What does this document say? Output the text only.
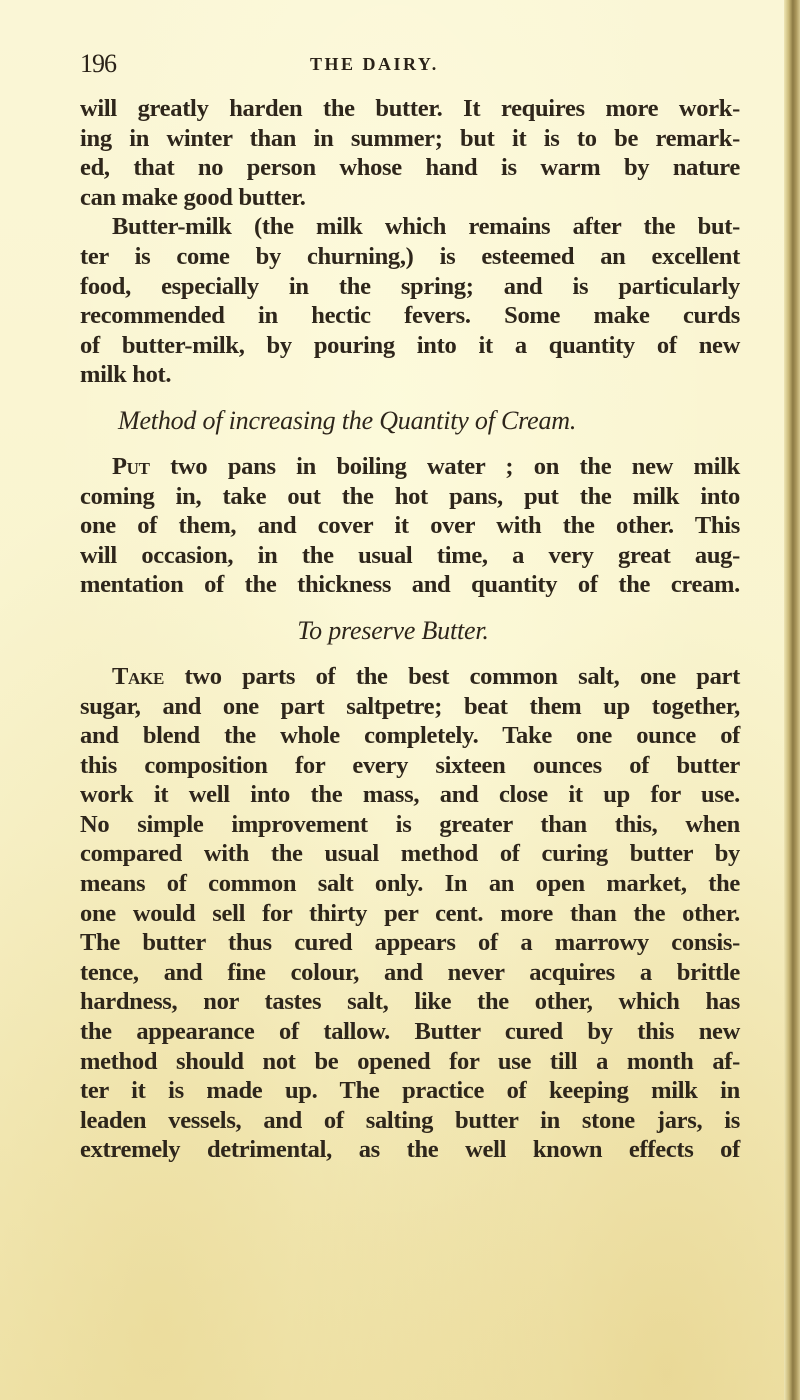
196	THE DAIRY.
will greatly harden the butter. It requires more work-
ing in winter than in summer; but it is to be remark-
ed, that no person whose hand is warm by nature
can make good butter.
Butter-milk (the milk which remains after the but-
ter is come by churning,) is esteemed an excellent
food, especially in the spring; and is particularly
recommended in hectic fevers. Some make curds
of butter-milk, by pouring into it a quantity of new
milk hot.
Method of increasing the Quantity of Cream.
Put two pans in boiling water ; on the new milk
coming in, take out the hot pans, put the milk into
one of them, and cover it over with the other. This
will occasion, in the usual time, a very great aug-
mentation of the thickness and quantity of the cream.
To preserve Butter.
Take two parts of the best common salt, one part
sugar, and one part saltpetre; beat them up together,
and blend the whole completely. Take one ounce of
this composition for every sixteen ounces of butter
work it well into the mass, and close it up for use.
No simple improvement is greater than this, when
compared with the usual method of curing butter by
means of common salt only. In an open market, the
one would sell for thirty per cent. more than the other.
The butter thus cured appears of a marrowy consis-
tence, and fine colour, and never acquires a brittle
hardness, nor tastes salt, like the other, which has
the appearance of tallow. Butter cured by this new
method should not be opened for use till a month af-
ter it is made up. The practice of keeping milk in
leaden vessels, and of salting butter in stone jars, is
extremely detrimental, as the well known effects of
